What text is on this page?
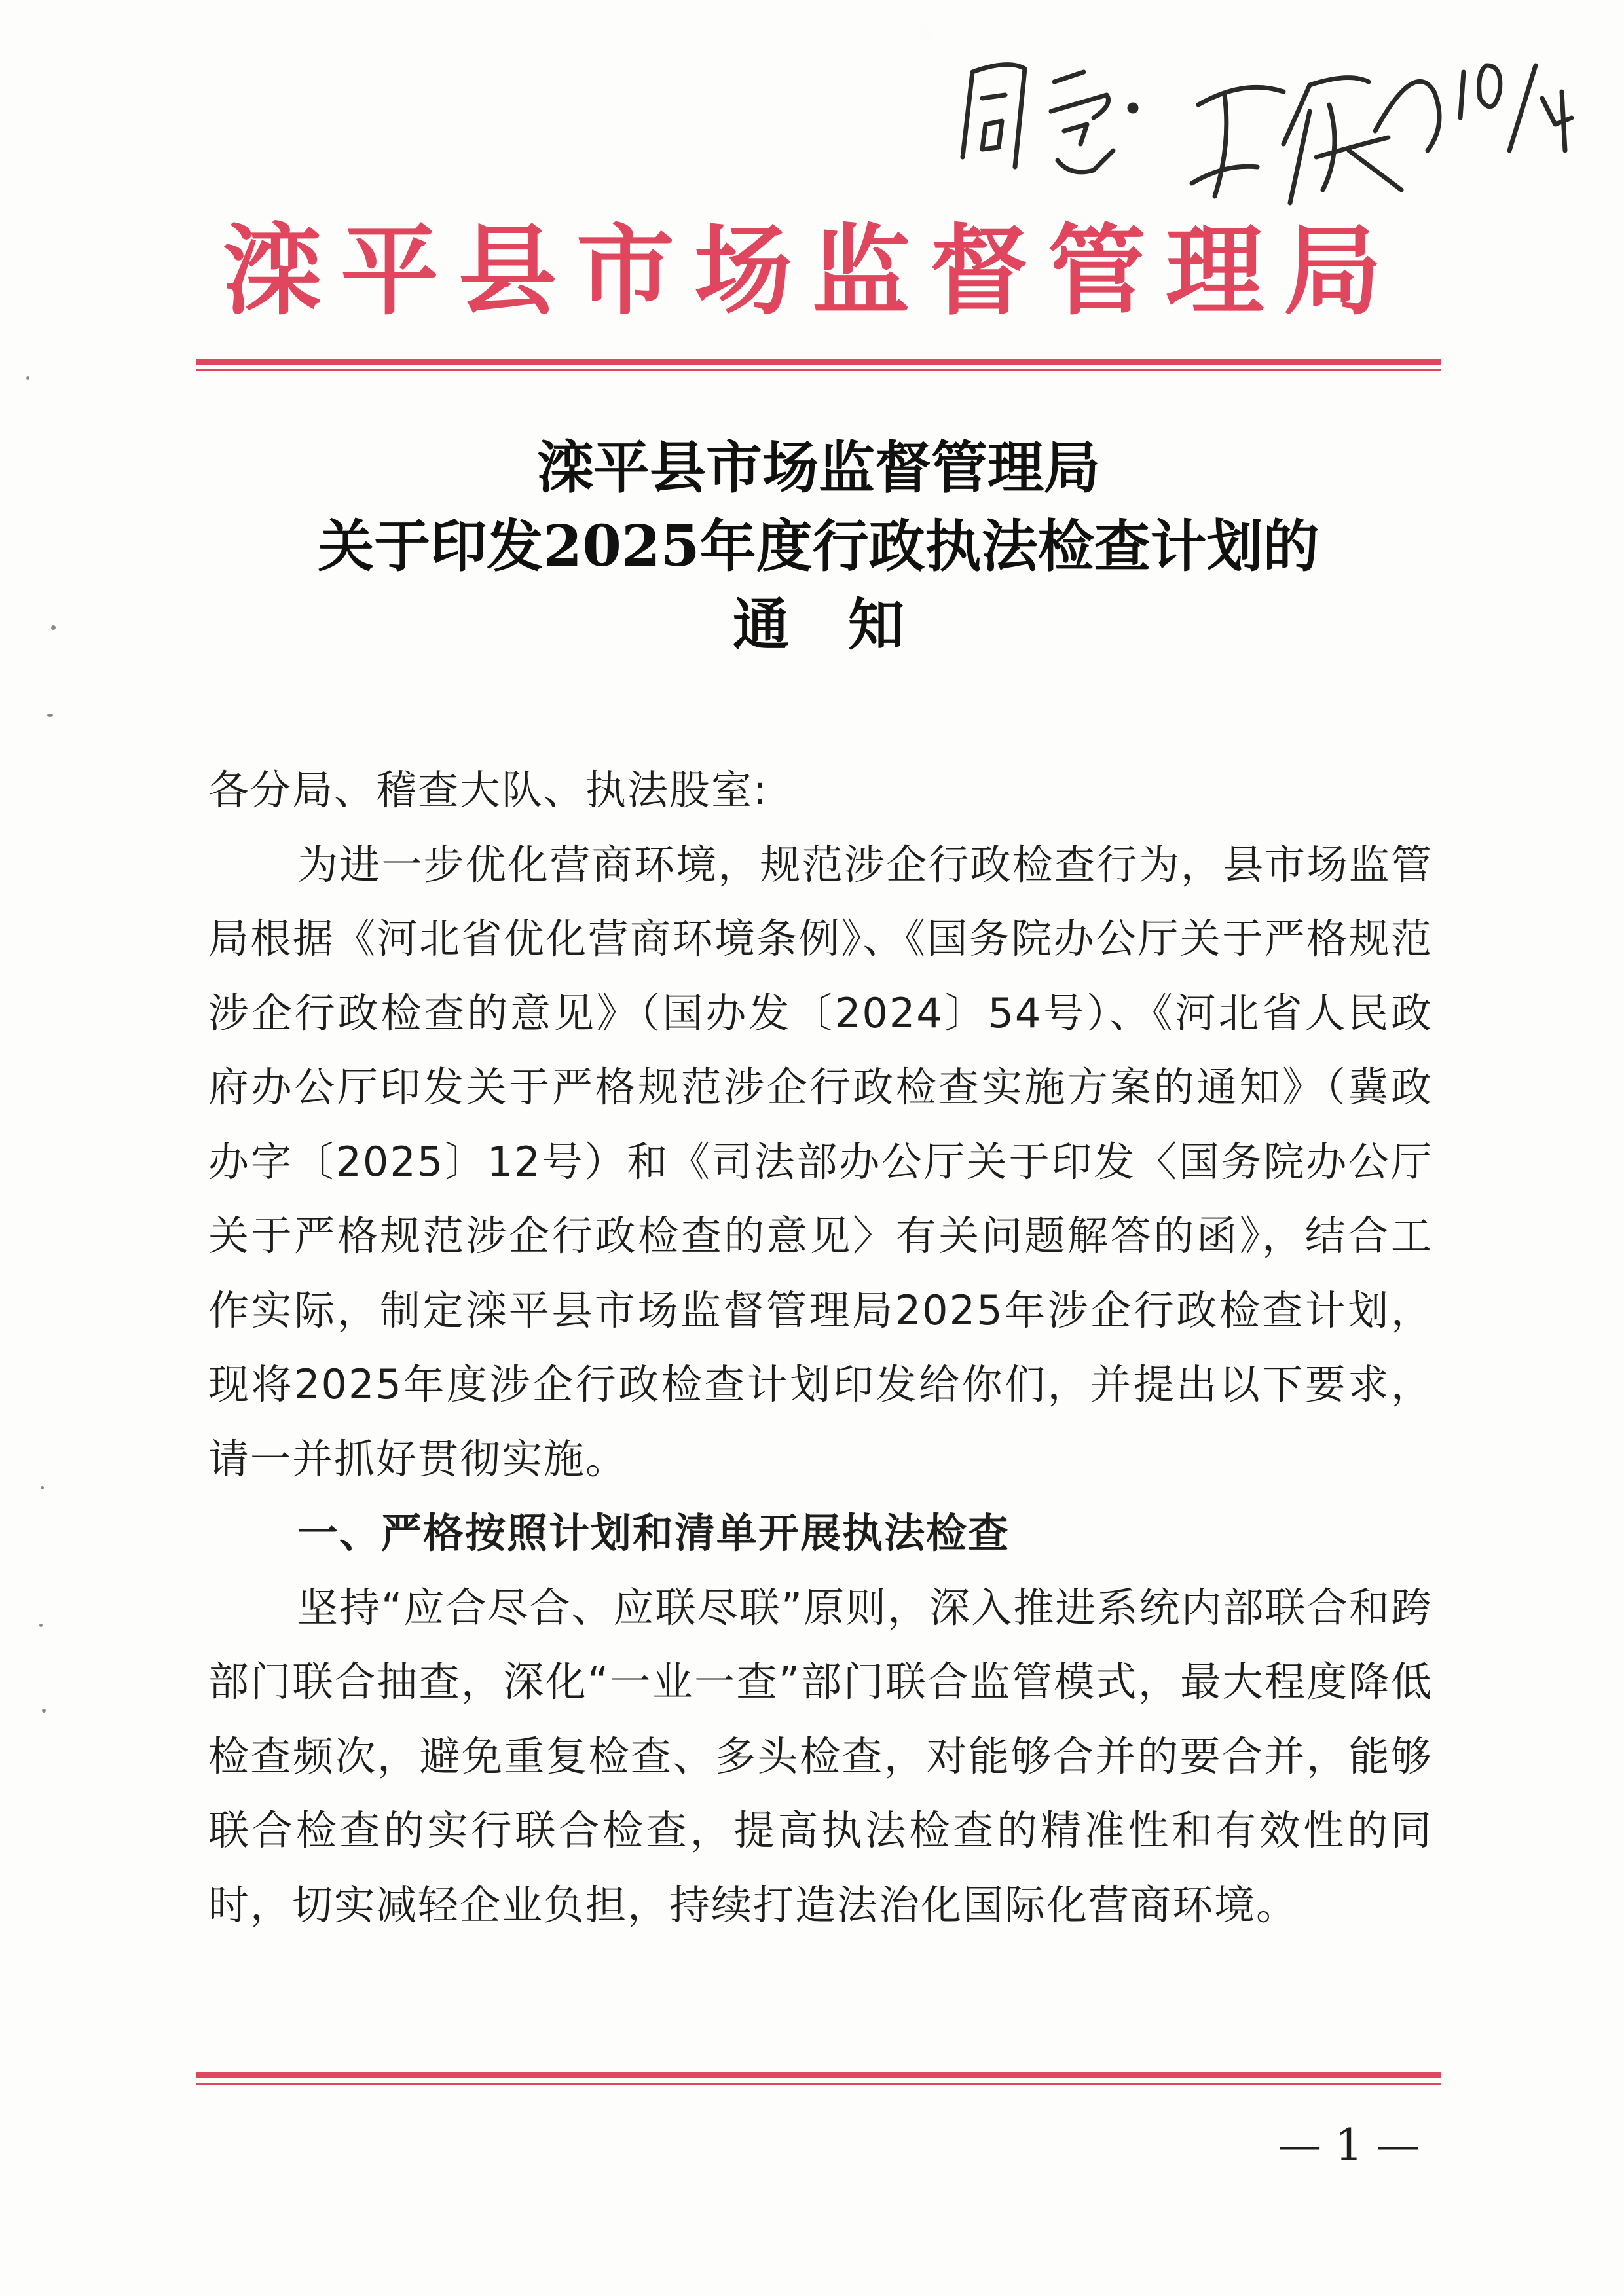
滦平县市场监督管理局
滦平县市场监督管理局
关于印发2025年度行政执法检查计划的
通知

各分局、稽查大队、执法股室:

为进一步优化营商环境，规范涉企行政检查行为，县市场监管局根据《河北省优化营商环境条例》、《国务院办公厅关于严格规范涉企行政检查的意见》（国办发〔2024〕54号）、《河北省人民政府办公厅印发关于严格规范涉企行政检查实施方案的通知》（冀政办字〔2025〕12号）和《司法部办公厅关于印发〈国务院办公厅关于严格规范涉企行政检查的意见〉有关问题解答的函》，结合工作实际，制定滦平县市场监督管理局2025年涉企行政检查计划，现将2025年度涉企行政检查计划印发给你们，并提出以下要求，请一并抓好贯彻实施。

一、严格按照计划和清单开展执法检查

坚持“应合尽合、应联尽联”原则，深入推进系统内部联合和跨部门联合抽查，深化“一业一查”部门联合监管模式，最大程度降低检查频次，避免重复检查、多头检查，对能够合并的要合并，能够联合检查的实行联合检查，提高执法检查的精准性和有效性的同时，切实减轻企业负担，持续打造法治化国际化营商环境。

— 1 —
